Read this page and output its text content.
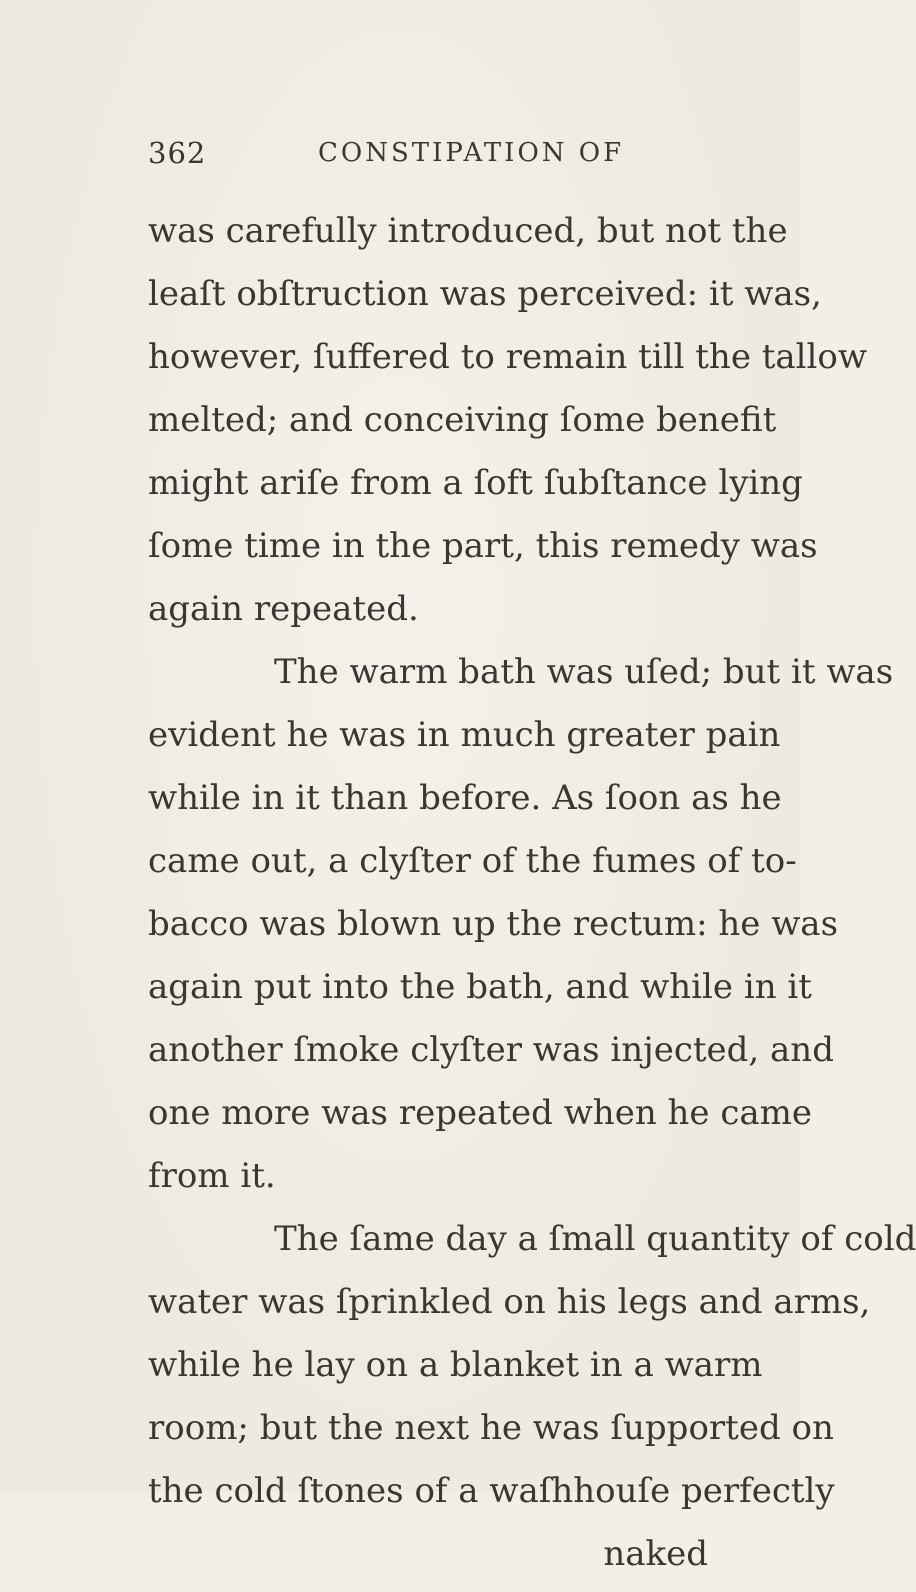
362	CONSTIPATION OF
was carefully introduced, but not the
leaſt obſtruction was perceived: it was,
however, ſuffered to remain till the tallow
melted; and conceiving ſome benefit
might ariſe from a ſoft ſubſtance lying
ſome time in the part, this remedy was
again repeated.
The warm bath was uſed; but it was
evident he was in much greater pain
while in it than before. As ſoon as he
came out, a clyſter of the fumes of to-
bacco was blown up the rectum: he was
again put into the bath, and while in it
another ſmoke clyſter was injected, and
one more was repeated when he came
from it.
The ſame day a ſmall quantity of cold
water was ſprinkled on his legs and arms,
while he lay on a blanket in a warm
room; but the next he was ſupported on
the cold ſtones of a waſhhouſe perfectly
naked
